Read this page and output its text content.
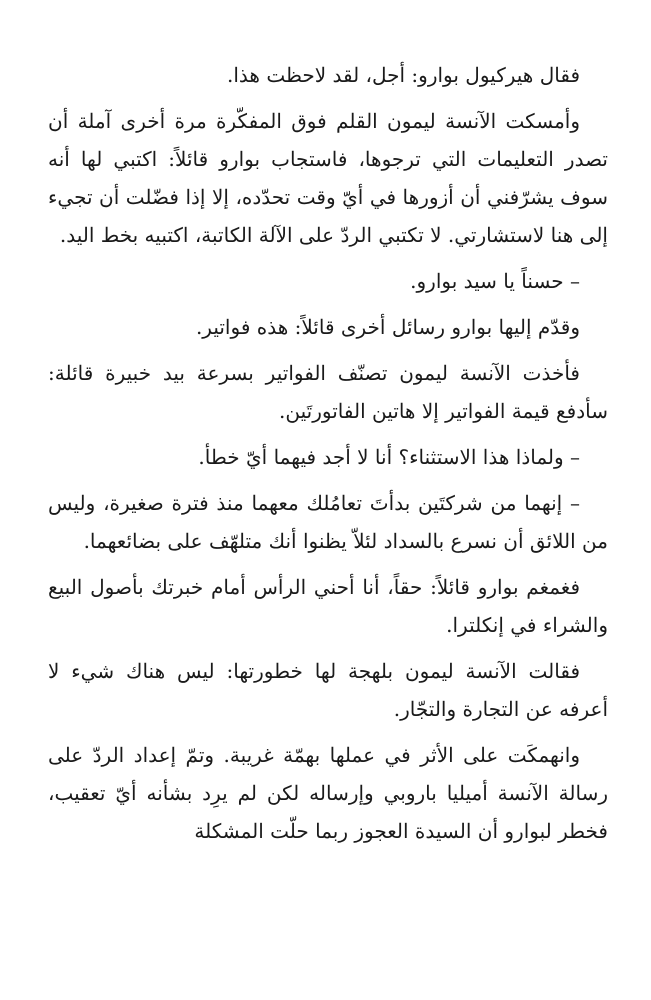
فقال هيركيول بوارو: أجل، لقد لاحظت هذا.

وأمسكت الآنسة ليمون القلم فوق المفكّرة مرة أخرى آملة أن تصدر التعليمات التي ترجوها، فاستجاب بوارو قائلاً: اكتبي لها أنه سوف يشرّفني أن أزورها في أيّ وقت تحدّده، إلا إذا فضّلت أن تجيء إلى هنا لاستشارتي. لا تكتبي الردّ على الآلة الكاتبة، اكتبيه بخط اليد.

– حسناً يا سيد بوارو.

وقدّم إليها بوارو رسائل أخرى قائلاً: هذه فواتير.

فأخذت الآنسة ليمون تصنّف الفواتير بسرعة بيد خبيرة قائلة: سأدفع قيمة الفواتير إلا هاتين الفاتورتَين.

– ولماذا هذا الاستثناء؟ أنا لا أجد فيهما أيّ خطأ.

– إنهما من شركتَين بدأتَ تعامُلك معهما منذ فترة صغيرة، وليس من اللائق أن نسرع بالسداد لئلاّ يظنوا أنك متلهّف على بضائعهما.

فغمغم بوارو قائلاً: حقاً، أنا أحني الرأس أمام خبرتك بأصول البيع والشراء في إنكلترا.

فقالت الآنسة ليمون بلهجة لها خطورتها: ليس هناك شيء لا أعرفه عن التجارة والتجّار.

وانهمكَت على الأثر في عملها بهمّة غريبة. وتمّ إعداد الردّ على رسالة الآنسة أميليا باروبي وإرساله لكن لم يرِد بشأنه أيّ تعقيب، فخطر لبوارو أن السيدة العجوز ربما حلّت المشكلة
